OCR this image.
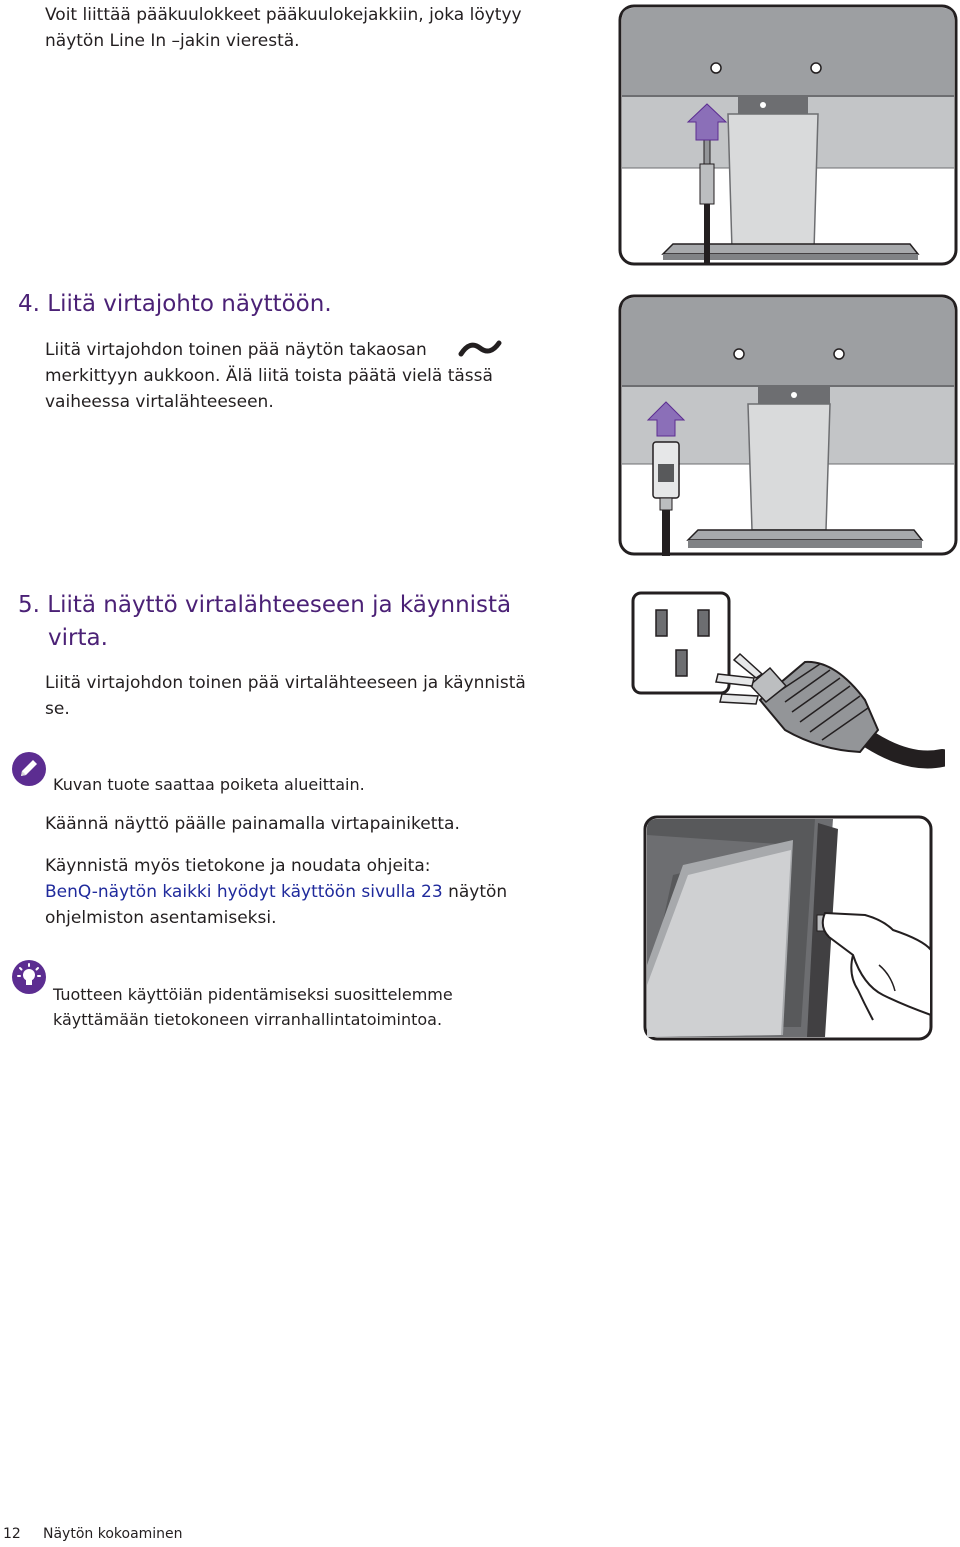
Voit liittää pääkuulokkeet pääkuulokejakkiin, joka löytyy
näytön Line In –jakin vierestä.
4. Liitä virtajohto näyttöön.
Liitä virtajohdon toinen pää näytön takaosan
merkittyyn aukkoon. Älä liitä toista päätä vielä tässä
vaiheessa virtalähteeseen.
5. Liitä näyttö virtalähteeseen ja käynnistä
virta.
Liitä virtajohdon toinen pää virtalähteeseen ja käynnistä
se.
Kuvan tuote saattaa poiketa alueittain.
Käännä näyttö päälle painamalla virtapainiketta.
Käynnistä myös tietokone ja noudata ohjeita:
BenQ-näytön kaikki hyödyt käyttöön sivulla 23 näytön
ohjelmiston asentamiseksi.
Tuotteen käyttöiän pidentämiseksi suosittelemme
käyttämään tietokoneen virranhallintatoimintoa.
12 Näytön kokoaminen
